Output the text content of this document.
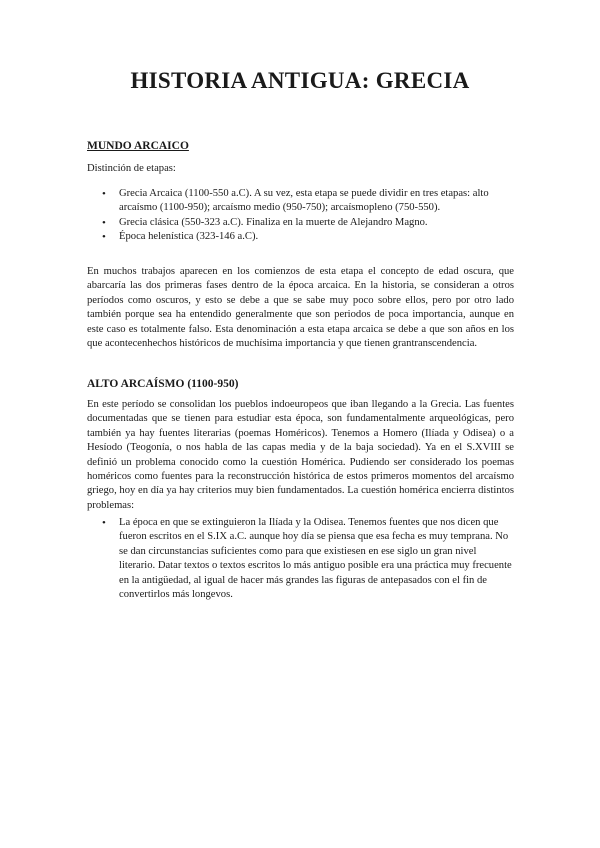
HISTORIA ANTIGUA: GRECIA
MUNDO ARCAICO
Distinción de etapas:
• Grecia Arcaica (1100-550 a.C). A su vez, esta etapa se puede dividir en tres etapas: alto arcaísmo (1100-950); arcaísmo medio (950-750); arcaísmopleno (750-550).
• Grecia clásica (550-323 a.C). Finaliza en la muerte de Alejandro Magno.
• Época helenística (323-146 a.C).

En muchos trabajos aparecen en los comienzos de esta etapa el concepto de edad oscura, que abarcaría las dos primeras fases dentro de la época arcaica. En la historia, se consideran a otros períodos como oscuros, y esto se debe a que se sabe muy poco sobre ellos, pero por otro lado también porque sea ha entendido generalmente que son periodos de poca importancia, aunque en este caso es totalmente falso. Esta denominación a esta etapa arcaica se debe a que son años en los que acontecenhechos históricos de muchísima importancia y que tienen grantranscendencia.

ALTO ARCAÍSMO (1100-950)

En este período se consolidan los pueblos indoeuropeos que iban llegando a la Grecia. Las fuentes documentadas que se tienen para estudiar esta época, son fundamentalmente arqueológicas, pero también ya hay fuentes literarias (poemas Homéricos). Tenemos a Homero (Ilíada y Odisea) o a Hesíodo (Teogonía, o nos habla de las capas media y de la baja sociedad). Ya en el S.XVIII se definió un problema conocido como la cuestión Homérica. Pudiendo ser considerado los poemas homéricos como fuentes para la reconstrucción histórica de estos primeros momentos del arcaísmo griego, hoy en día ya hay criterios muy bien fundamentados. La cuestión homérica encierra distintos problemas:

• La época en que se extinguieron la Ilíada y la Odisea. Tenemos fuentes que nos dicen que fueron escritos en el S.IX a.C. aunque hoy día se piensa que esa fecha es muy temprana. No se dan circunstancias suficientes como para que existiesen en ese siglo un gran nivel literario. Datar textos o textos escritos lo más antiguo posible era una práctica muy frecuente en la antigüedad, al igual de hacer más grandes las figuras de antepasados con el fin de convertirlos más longevos.
